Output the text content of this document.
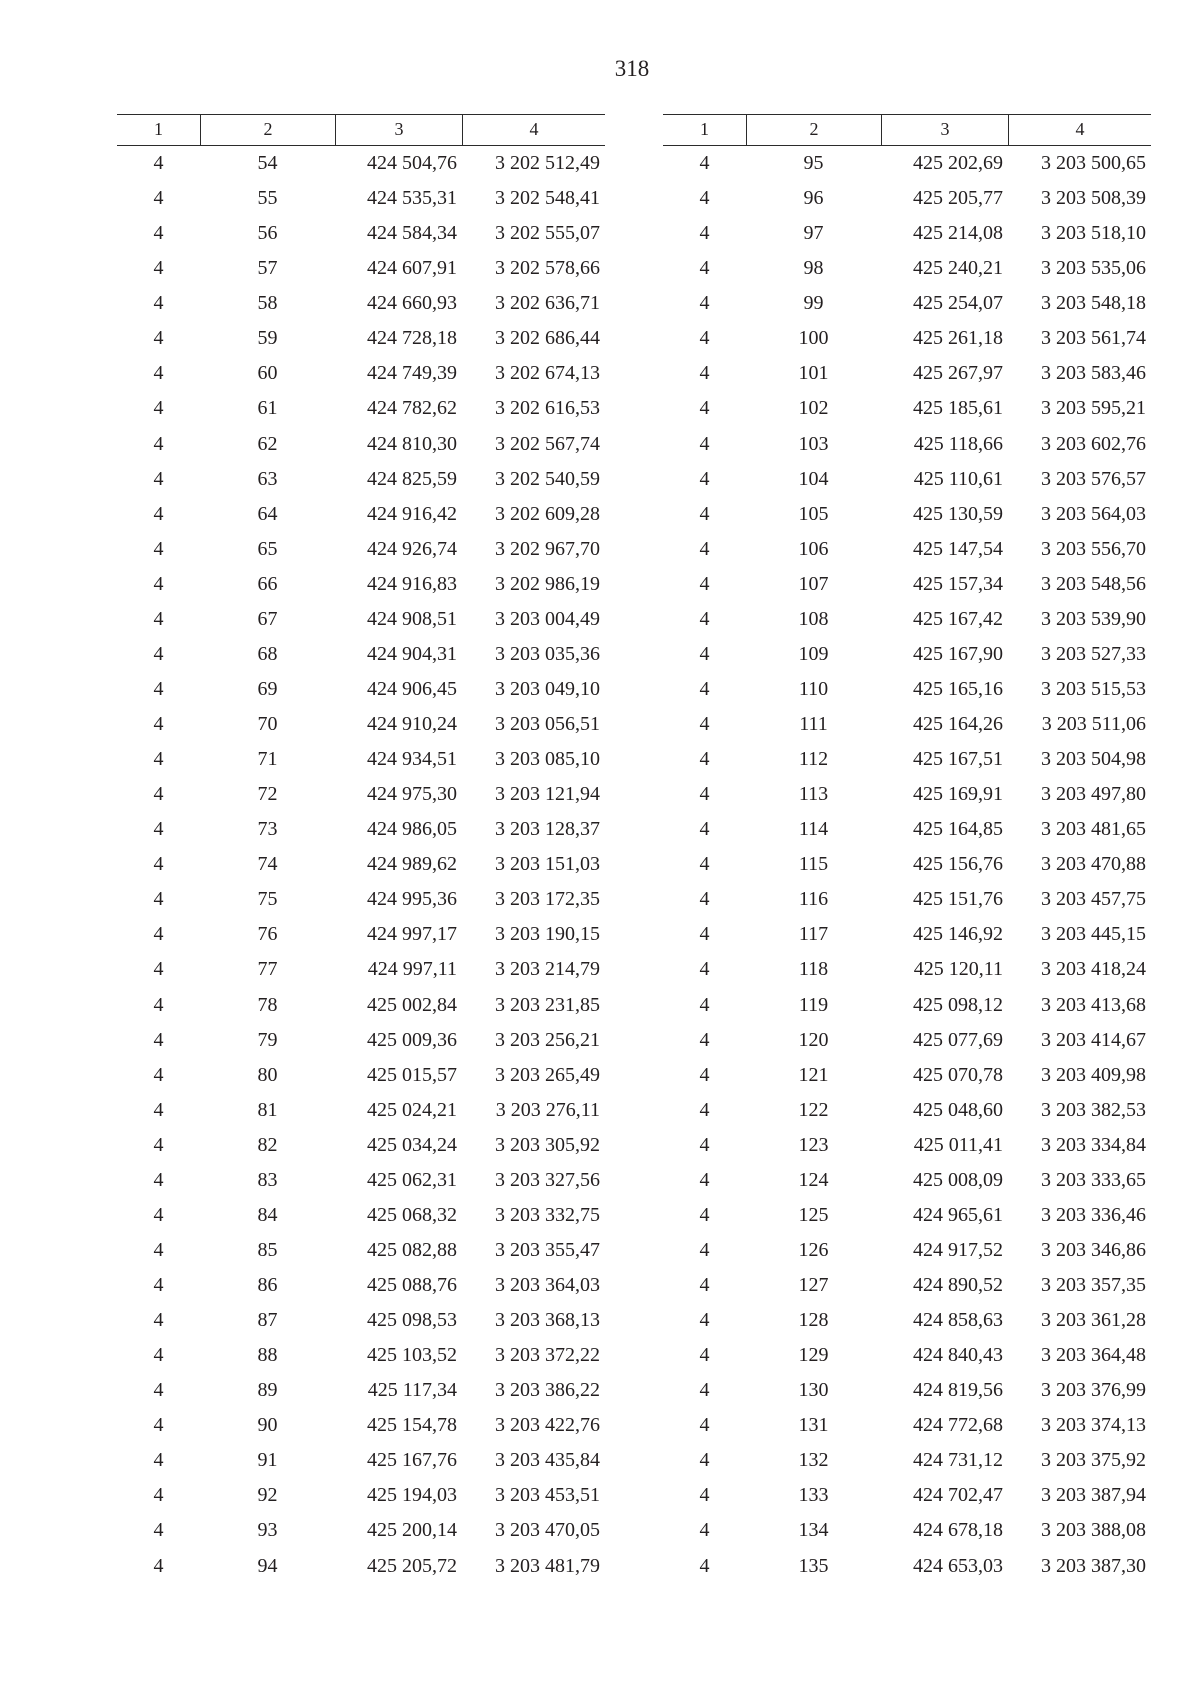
318
1	2	3	4
4	54	424 504,76	3 202 512,49
4	55	424 535,31	3 202 548,41
4	56	424 584,34	3 202 555,07
4	57	424 607,91	3 202 578,66
4	58	424 660,93	3 202 636,71
4	59	424 728,18	3 202 686,44
4	60	424 749,39	3 202 674,13
4	61	424 782,62	3 202 616,53
4	62	424 810,30	3 202 567,74
4	63	424 825,59	3 202 540,59
4	64	424 916,42	3 202 609,28
4	65	424 926,74	3 202 967,70
4	66	424 916,83	3 202 986,19
4	67	424 908,51	3 203 004,49
4	68	424 904,31	3 203 035,36
4	69	424 906,45	3 203 049,10
4	70	424 910,24	3 203 056,51
4	71	424 934,51	3 203 085,10
4	72	424 975,30	3 203 121,94
4	73	424 986,05	3 203 128,37
4	74	424 989,62	3 203 151,03
4	75	424 995,36	3 203 172,35
4	76	424 997,17	3 203 190,15
4	77	424 997,11	3 203 214,79
4	78	425 002,84	3 203 231,85
4	79	425 009,36	3 203 256,21
4	80	425 015,57	3 203 265,49
4	81	425 024,21	3 203 276,11
4	82	425 034,24	3 203 305,92
4	83	425 062,31	3 203 327,56
4	84	425 068,32	3 203 332,75
4	85	425 082,88	3 203 355,47
4	86	425 088,76	3 203 364,03
4	87	425 098,53	3 203 368,13
4	88	425 103,52	3 203 372,22
4	89	425 117,34	3 203 386,22
4	90	425 154,78	3 203 422,76
4	91	425 167,76	3 203 435,84
4	92	425 194,03	3 203 453,51
4	93	425 200,14	3 203 470,05
4	94	425 205,72	3 203 481,79
1	2	3	4
4	95	425 202,69	3 203 500,65
4	96	425 205,77	3 203 508,39
4	97	425 214,08	3 203 518,10
4	98	425 240,21	3 203 535,06
4	99	425 254,07	3 203 548,18
4	100	425 261,18	3 203 561,74
4	101	425 267,97	3 203 583,46
4	102	425 185,61	3 203 595,21
4	103	425 118,66	3 203 602,76
4	104	425 110,61	3 203 576,57
4	105	425 130,59	3 203 564,03
4	106	425 147,54	3 203 556,70
4	107	425 157,34	3 203 548,56
4	108	425 167,42	3 203 539,90
4	109	425 167,90	3 203 527,33
4	110	425 165,16	3 203 515,53
4	111	425 164,26	3 203 511,06
4	112	425 167,51	3 203 504,98
4	113	425 169,91	3 203 497,80
4	114	425 164,85	3 203 481,65
4	115	425 156,76	3 203 470,88
4	116	425 151,76	3 203 457,75
4	117	425 146,92	3 203 445,15
4	118	425 120,11	3 203 418,24
4	119	425 098,12	3 203 413,68
4	120	425 077,69	3 203 414,67
4	121	425 070,78	3 203 409,98
4	122	425 048,60	3 203 382,53
4	123	425 011,41	3 203 334,84
4	124	425 008,09	3 203 333,65
4	125	424 965,61	3 203 336,46
4	126	424 917,52	3 203 346,86
4	127	424 890,52	3 203 357,35
4	128	424 858,63	3 203 361,28
4	129	424 840,43	3 203 364,48
4	130	424 819,56	3 203 376,99
4	131	424 772,68	3 203 374,13
4	132	424 731,12	3 203 375,92
4	133	424 702,47	3 203 387,94
4	134	424 678,18	3 203 388,08
4	135	424 653,03	3 203 387,30
